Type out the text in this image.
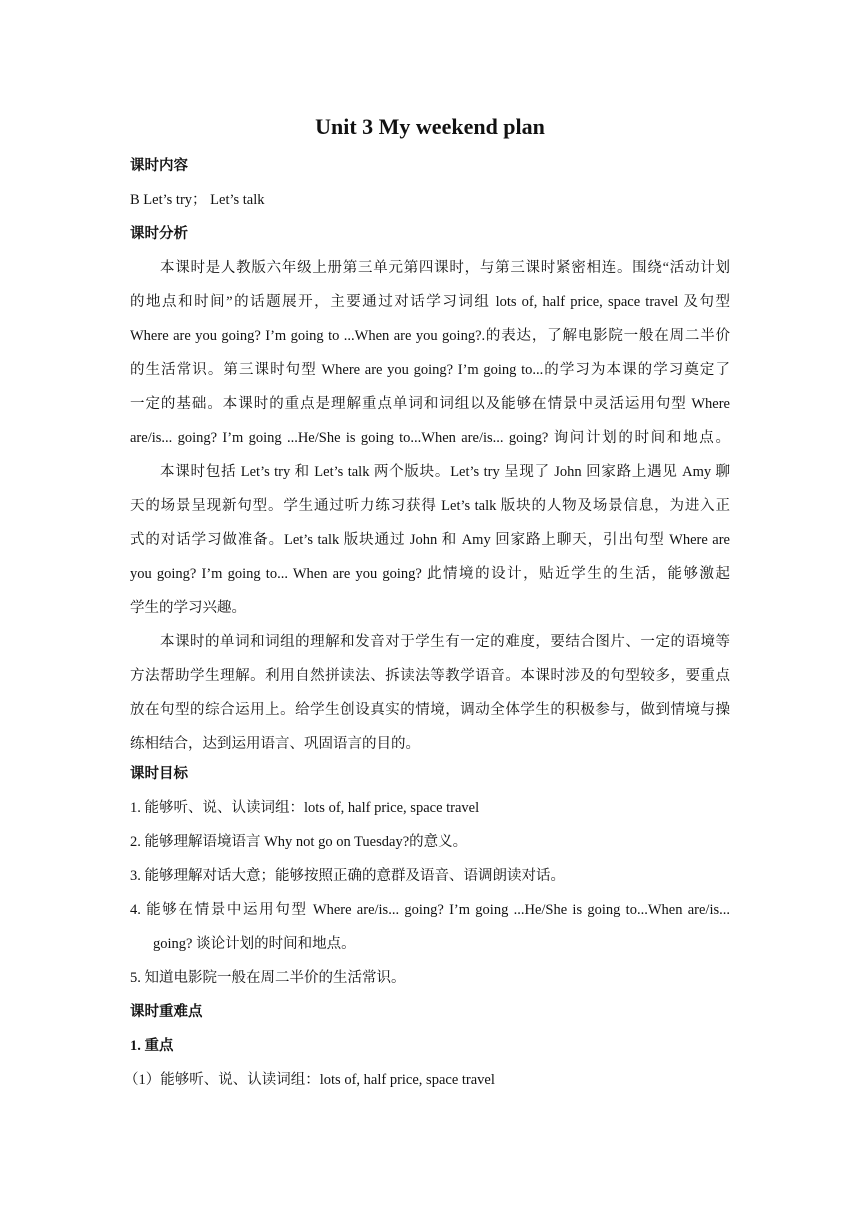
Unit 3 My weekend plan
课时内容
B Let’s try； Let’s talk
课时分析
本课时是人教版六年级上册第三单元第四课时，与第三课时紧密相连。围绕“活动计划
的地点和时间”的话题展开，主要通过对话学习词组 lots of, half price, space travel 及句型
Where are you going? I’m going to ...When are you going?.的表达，了解电影院一般在周二半价
的生活常识。第三课时句型 Where are you going? I’m going to...的学习为本课的学习奠定了
一定的基础。本课时的重点是理解重点单词和词组以及能够在情景中灵活运用句型 Where
are/is... going? I’m going ...He/She is going to...When are/is... going? 询问计划的时间和地点。
本课时包括 Let’s try 和 Let’s talk 两个版块。Let’s try 呈现了 John 回家路上遇见 Amy 聊
天的场景呈现新句型。学生通过听力练习获得 Let’s talk 版块的人物及场景信息，为进入正
式的对话学习做准备。Let’s talk 版块通过 John 和 Amy 回家路上聊天，引出句型 Where are
you going? I’m going to... When are you going? 此情境的设计，贴近学生的生活，能够激起
学生的学习兴趣。
本课时的单词和词组的理解和发音对于学生有一定的难度，要结合图片、一定的语境等
方法帮助学生理解。利用自然拼读法、拆读法等教学语音。本课时涉及的句型较多，要重点
放在句型的综合运用上。给学生创设真实的情境，调动全体学生的积极参与，做到情境与操
练相结合，达到运用语言、巩固语言的目的。
课时目标
1. 能够听、说、认读词组：lots of, half price, space travel
2. 能够理解语境语言 Why not go on Tuesday?的意义。
3. 能够理解对话大意；能够按照正确的意群及语音、语调朗读对话。
4. 能够在情景中运用句型 Where are/is... going? I’m going ...He/She is going to...When are/is...
going? 谈论计划的时间和地点。
5. 知道电影院一般在周二半价的生活常识。
课时重难点
1. 重点
（1）能够听、说、认读词组：lots of, half price, space travel
